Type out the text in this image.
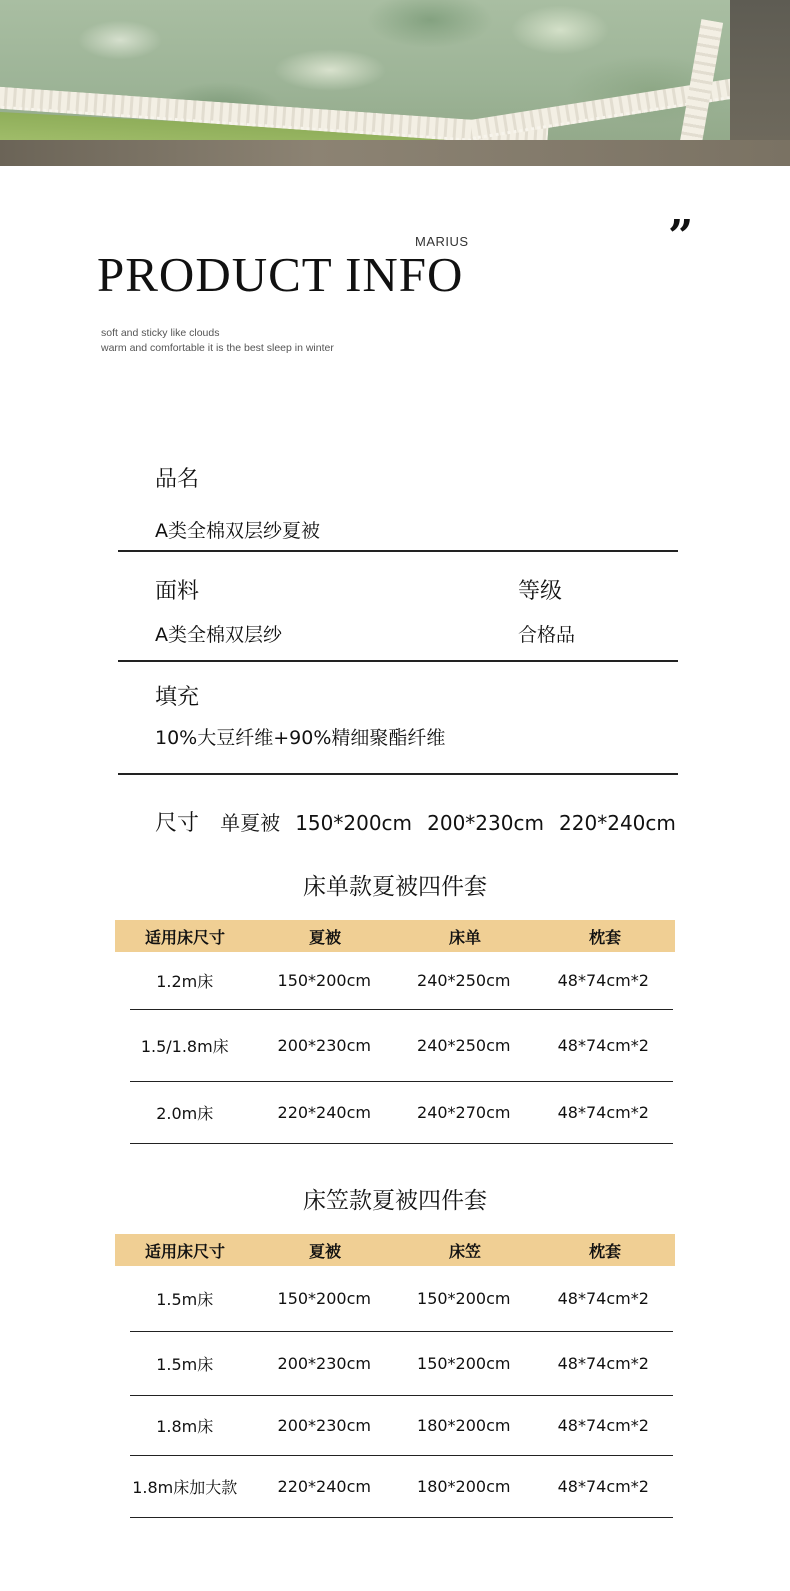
MARIUS	”
PRODUCT INFO
soft and sticky like clouds
warm and comfortable it is the best sleep in winter
品名
A类全棉双层纱夏被
面料
A类全棉双层纱
等级
合格品
填充
10%大豆纤维+90%精细聚酯纤维
尺寸 单夏被 150*200cm 200*230cm 220*240cm
床单款夏被四件套
适用床尺寸	夏被	床单	枕套
1.2m床	150*200cm	240*250cm	48*74cm*2
1.5/1.8m床	200*230cm	240*250cm	48*74cm*2
2.0m床	220*240cm	240*270cm	48*74cm*2
床笠款夏被四件套
适用床尺寸	夏被	床笠	枕套
1.5m床	150*200cm	150*200cm	48*74cm*2
1.5m床	200*230cm	150*200cm	48*74cm*2
1.8m床	200*230cm	180*200cm	48*74cm*2
1.8m床加大款	220*240cm	180*200cm	48*74cm*2
